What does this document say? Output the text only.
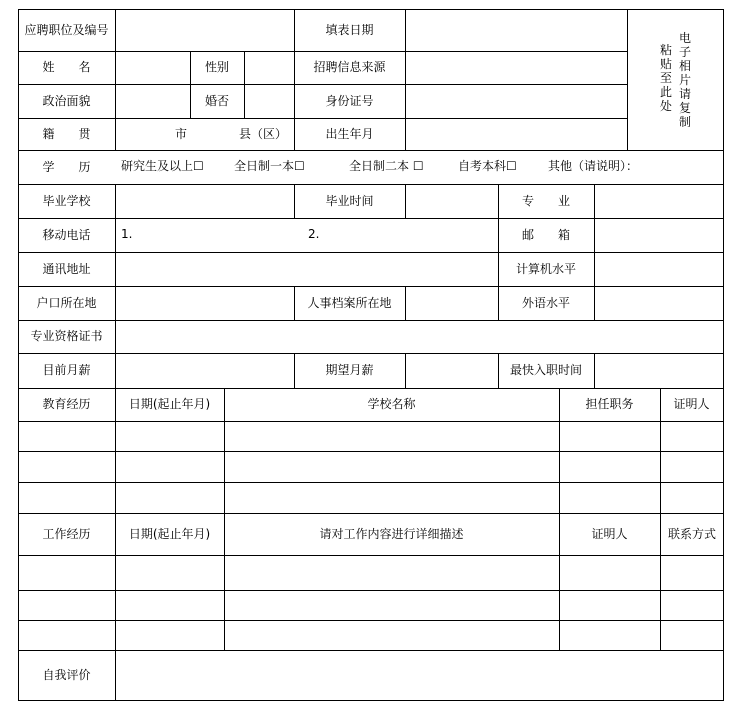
应聘职位及编号	填表日期
电子相片请复制
粘贴至此处
姓　　名	性别	招聘信息来源
政治面貌	婚否	身份证号
籍　　贯	市	县（区）	出生年月
学　　历	研究生及以上☐	全日制一本☐	全日制二本 ☐	自考本科☐	其他（请说明）：
毕业学校	毕业时间	专　　业
移动电话	1.	2.	邮　　箱
通讯地址	计算机水平
户口所在地	人事档案所在地	外语水平
专业资格证书
目前月薪	期望月薪	最快入职时间
教育经历	日期(起止年月)	学校名称	担任职务	证明人
工作经历	日期(起止年月)	请对工作内容进行详细描述	证明人	联系方式
自我评价
